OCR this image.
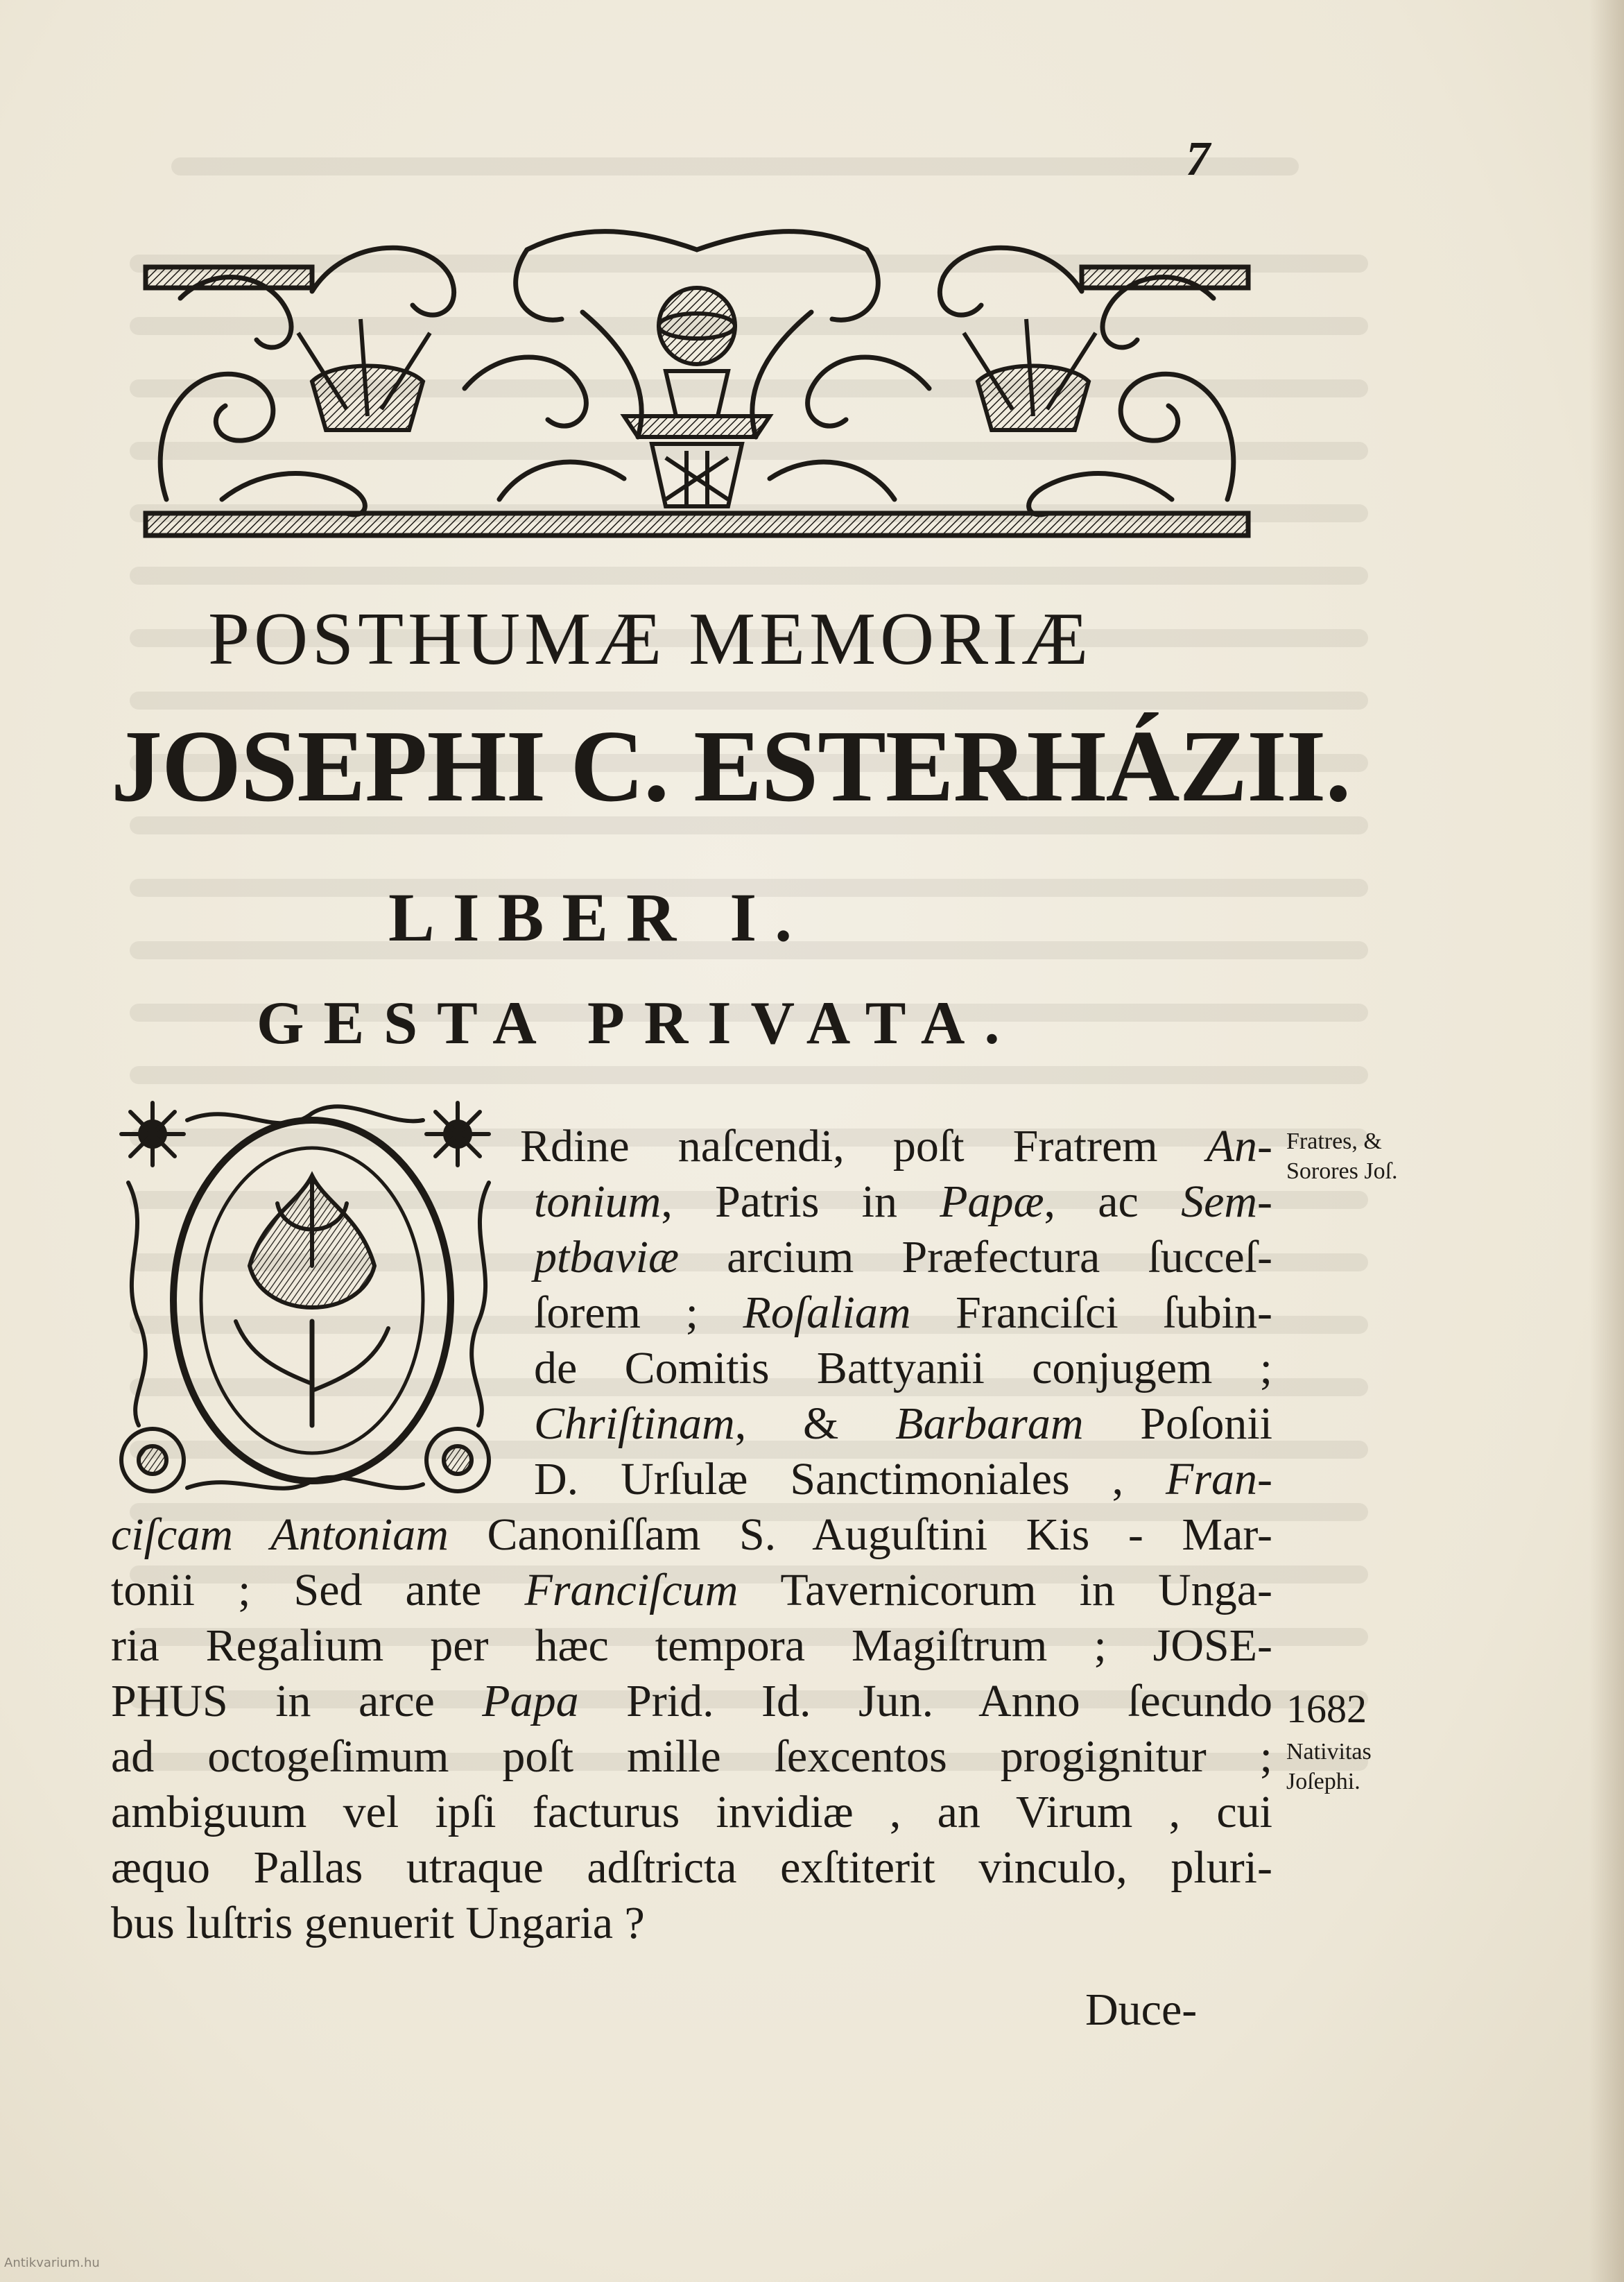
7
POSTHUMÆ MEMORIÆ
JOSEPHI C. ESTERHÁZII.
LIBER I.
GESTA PRIVATA.
Rdine naſcendi, poſt Fratrem An-
tonium, Patris in Papæ, ac Sem-
ptbaviæ arcium Præfectura ſucceſ-
ſorem ; Roſaliam Franciſci ſubin-
de Comitis Battyanii conjugem ;
Chriſtinam, & Barbaram Poſonii
D. Urſulæ Sanctimoniales , Fran-
ciſcam Antoniam Canoniſſam S. Auguſtini Kis - Mar-
tonii ; Sed ante Franciſcum Tavernicorum in Unga-
ria Regalium per hæc tempora Magiſtrum ; JOSE-
PHUS in arce Papa Prid. Id. Jun. Anno ſecundo
ad octogeſimum poſt mille ſexcentos progignitur ;
ambiguum vel ipſi facturus invidiæ , an Virum , cui
æquo Pallas utraque adſtricta exſtiterit vinculo, pluri-
bus luſtris genuerit Ungaria ?
Duce-
Fratres, &
Sorores Joſ.
1682
Nativitas
Joſephi.
Antikvarium.hu
